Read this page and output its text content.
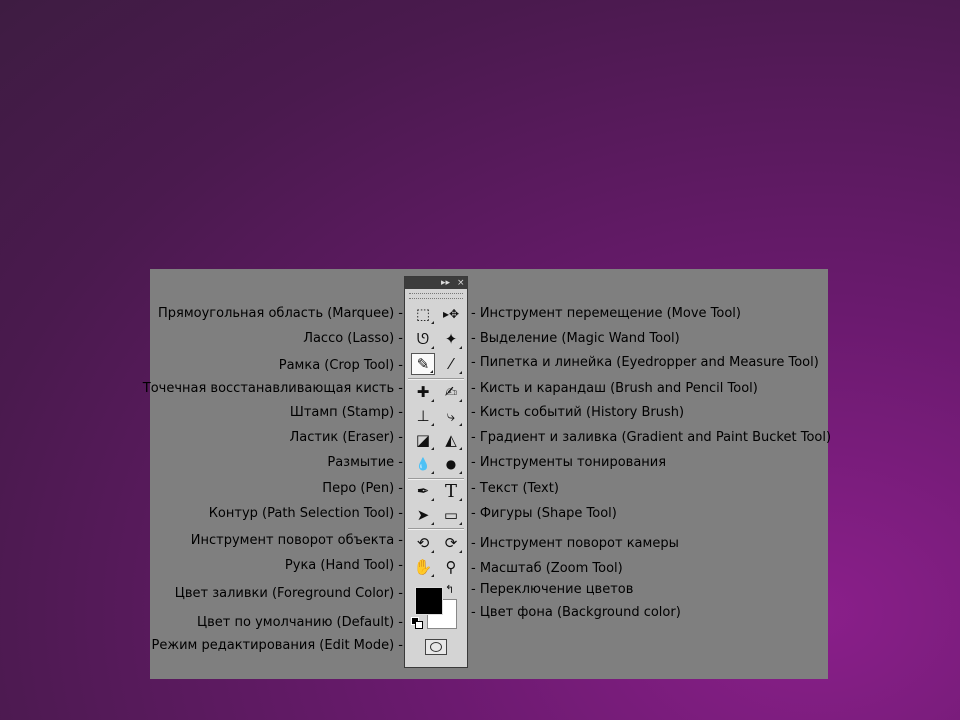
Прямоугольная область (Marquee) -
Лассо (Lasso) -
Рамка (Crop Tool) -
Точечная восстанавливающая кисть -
Штамп (Stamp) -
Ластик (Eraser) -
Размытие -
Перо (Pen) -
Контур (Path Selection Tool) -
Инструмент поворот объекта -
Рука (Hand Tool) -
Цвет заливки (Foreground Color) -
Цвет по умолчанию (Default) -
Режим редактирования (Edit Mode) -
- Инструмент перемещение (Move Tool)
- Выделение (Magic Wand Tool)
- Пипетка и линейка (Eyedropper and Measure Tool)
- Кисть и карандаш (Brush and Pencil Tool)
- Кисть событий (History Brush)
- Градиент и заливка (Gradient and Paint Bucket Tool)
- Инструменты тонирования
- Текст (Text)
- Фигуры (Shape Tool)
- Инструмент поворот камеры
- Масштаб (Zoom Tool)
- Переключение цветов
- Цвет фона (Background color)
▸▸ ×
⬚ ▸✥
ᘎ ✦
✎ ⁄
✚ ✍
⊥ ⤷
◪ ◭
💧 ●
✒ T
➤ ▭
⟲ ⟳
✋ ⚲
↰
